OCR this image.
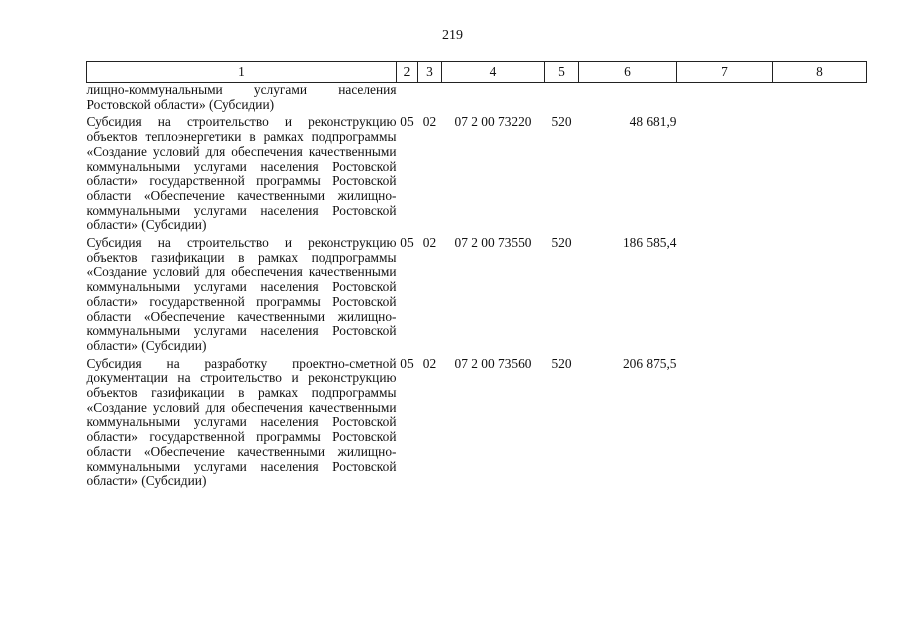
219
1	2	3	4	5	6	7	8
лищно-коммунальными услугами населения Ростовской области» (Субсидии)							
Субсидия на строительство и реконструкцию объектов теплоэнергетики в рамках подпрограммы «Создание условий для обеспечения качественными коммунальными услугами населения Ростовской области» государственной программы Ростовской области «Обеспечение качественными жилищно-коммунальными услугами населения Ростовской области» (Субсидии)	05	02	07 2 00 73220	520	48 681,9		
Субсидия на строительство и реконструкцию объектов газификации в рамках подпрограммы «Создание условий для обеспечения качественными коммунальными услугами населения Ростовской области» государственной программы Ростовской области «Обеспечение качественными жилищно-коммунальными услугами населения Ростовской области» (Субсидии)	05	02	07 2 00 73550	520	186 585,4		
Субсидия на разработку проектно-сметной документации на строительство и реконструкцию объектов газификации в рамках подпрограммы «Создание условий для обеспечения качественными коммунальными услугами населения Ростовской области» государственной программы Ростовской области «Обеспечение качественными жилищно-коммунальными услугами населения Ростовской области» (Субсидии)	05	02	07 2 00 73560	520	206 875,5		
